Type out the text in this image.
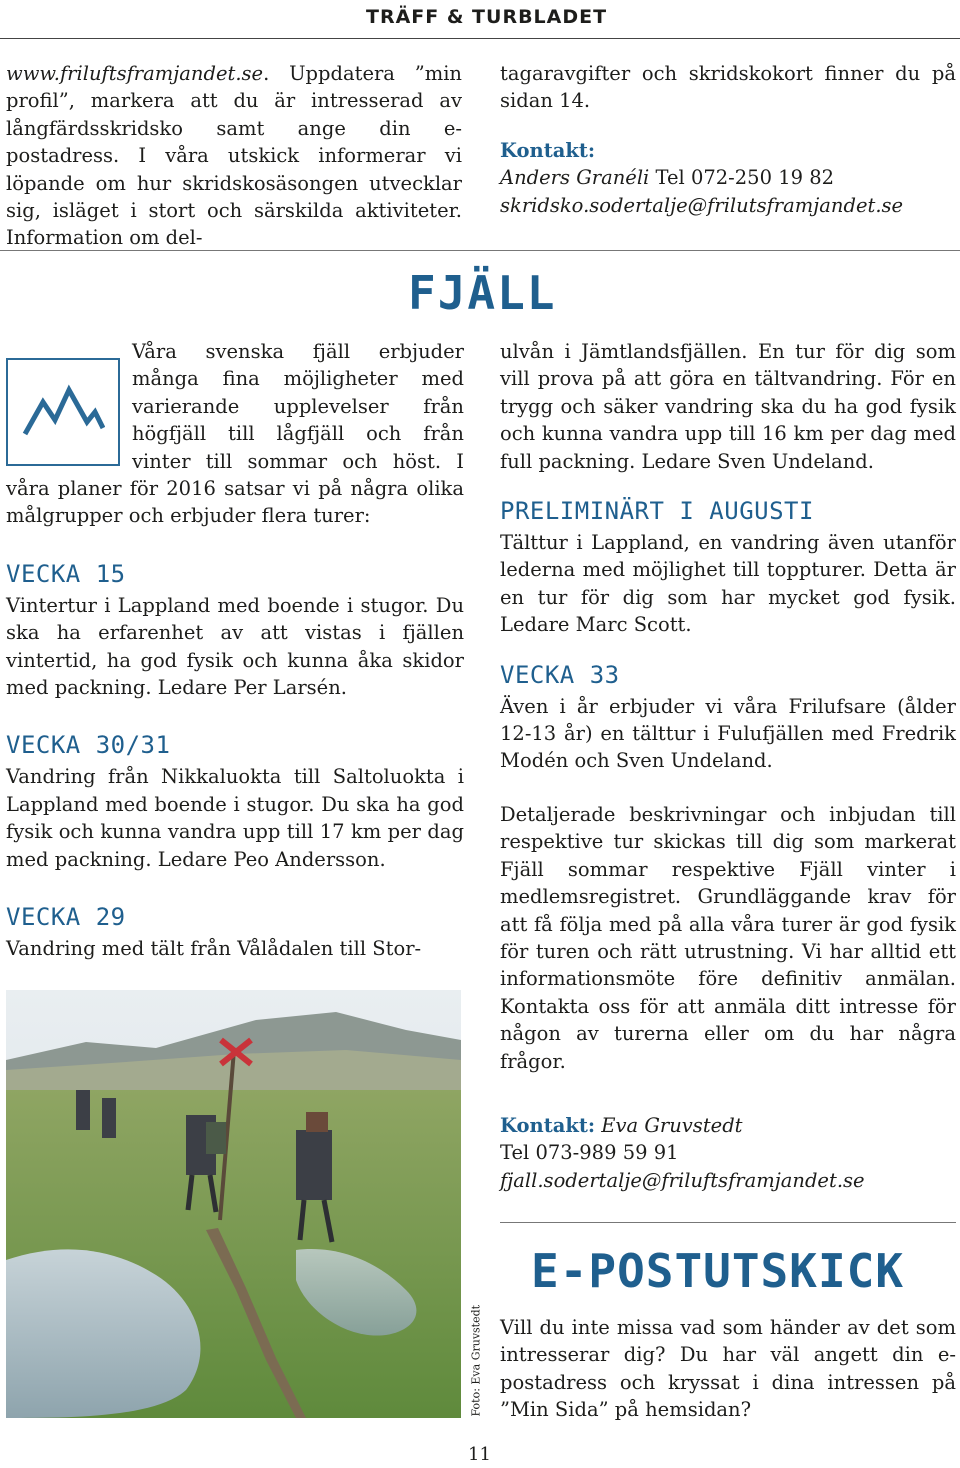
TRÄFF & TURBLADET

www.friluftsframjandet.se. Uppdatera ”min profil”, markera att du är intresserad av långfärdsskridsko samt ange din e-postadress. I våra utskick informerar vi löpande om hur skridskosäsongen utvecklar sig, isläget i stort och särskilda aktiviteter. Information om del-

tagaravgifter och skridskokort finner du på sidan 14.

Kontakt:
Anders Granéli Tel 072-250 19 82
skridsko.sodertalje@frilutsframjandet.se

FJÄLL

Våra svenska fjäll erbjuder många fina möjligheter med varierande upplevelser från högfjäll till lågfjäll och från vinter till sommar och höst. I våra planer för 2016 satsar vi på några olika målgrupper och erbjuder flera turer:

VECKA 15

Vintertur i Lappland med boende i stugor. Du ska ha erfarenhet av att vistas i fjällen vintertid, ha god fysik och kunna åka skidor med packning. Ledare Per Larsén.

VECKA 30/31

Vandring från Nikkaluokta till Saltoluokta i Lappland med boende i stugor. Du ska ha god fysik och kunna vandra upp till 17 km per dag med packning. Ledare Peo Andersson.

VECKA 29

Vandring med tält från Vålådalen till Stor-

ulvån i Jämtlandsfjällen. En tur för dig som vill prova på att göra en tältvandring. För en trygg och säker vandring ska du ha god fysik och kunna vandra upp till 16 km per dag med full packning. Ledare Sven Undeland.

PRELIMINÄRT I AUGUSTI

Tälttur i Lappland, en vandring även utanför lederna med möjlighet till toppturer. Detta är en tur för dig som har mycket god fysik. Ledare Marc Scott.

VECKA 33

Även i år erbjuder vi våra Frilufsare (ålder 12-13 år) en tälttur i Fulufjällen med Fredrik Modén och Sven Undeland.

Detaljerade beskrivningar och inbjudan till respektive tur skickas till dig som markerat Fjäll sommar respektive Fjäll vinter i medlemsregistret. Grundläggande krav för att få följa med på alla våra turer är god fysik för turen och rätt utrustning. Vi har alltid ett informationsmöte före definitiv anmälan. Kontakta oss för att anmäla ditt intresse för någon av turerna eller om du har några frågor.

Foto: Eva Gruvstedt

Kontakt: Eva Gruvstedt
Tel 073-989 59 91
fjall.sodertalje@friluftsframjandet.se

E-POSTUTSKICK

Vill du inte missa vad som händer av det som intresserar dig? Du har väl angett din e-postadress och kryssat i dina intressen på ”Min Sida” på hemsidan?

11
